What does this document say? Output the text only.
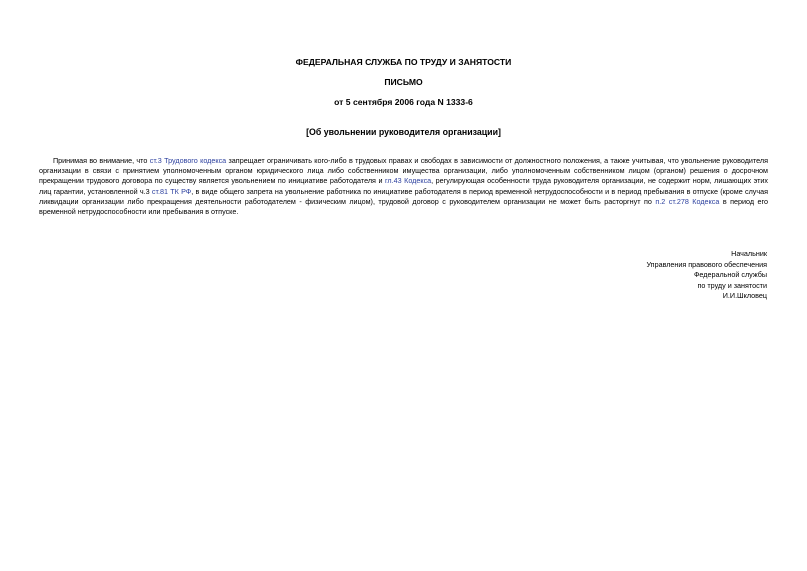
ФЕДЕРАЛЬНАЯ СЛУЖБА ПО ТРУДУ И ЗАНЯТОСТИ
ПИСЬМО
от 5 сентября 2006 года N 1333-6
[Об увольнении руководителя организации]

Принимая во внимание, что ст.3 Трудового кодекса запрещает ограничивать кого-либо в трудовых правах и свободах в зависимости от должностного положения, а также учитывая, что увольнение руководителя организации в связи с принятием уполномоченным органом юридического лица либо собственником имущества организации, либо уполномоченным собственником лицом (органом) решения о досрочном прекращении трудового договора по существу является увольнением по инициативе работодателя и гл.43 Кодекса, регулирующая особенности труда руководителя организации, не содержит норм, лишающих этих лиц гарантии, установленной ч.3 ст.81 ТК РФ, в виде общего запрета на увольнение работника по инициативе работодателя в период временной нетрудоспособности и в период пребывания в отпуске (кроме случая ликвидации организации либо прекращения деятельности работодателем - физическим лицом), трудовой договор с руководителем организации не может быть расторгнут по п.2 ст.278 Кодекса в период его временной нетрудоспособности или пребывания в отпуске.

Начальник
Управления правового обеспечения
Федеральной службы
по труду и занятости
И.И.Шкловец
